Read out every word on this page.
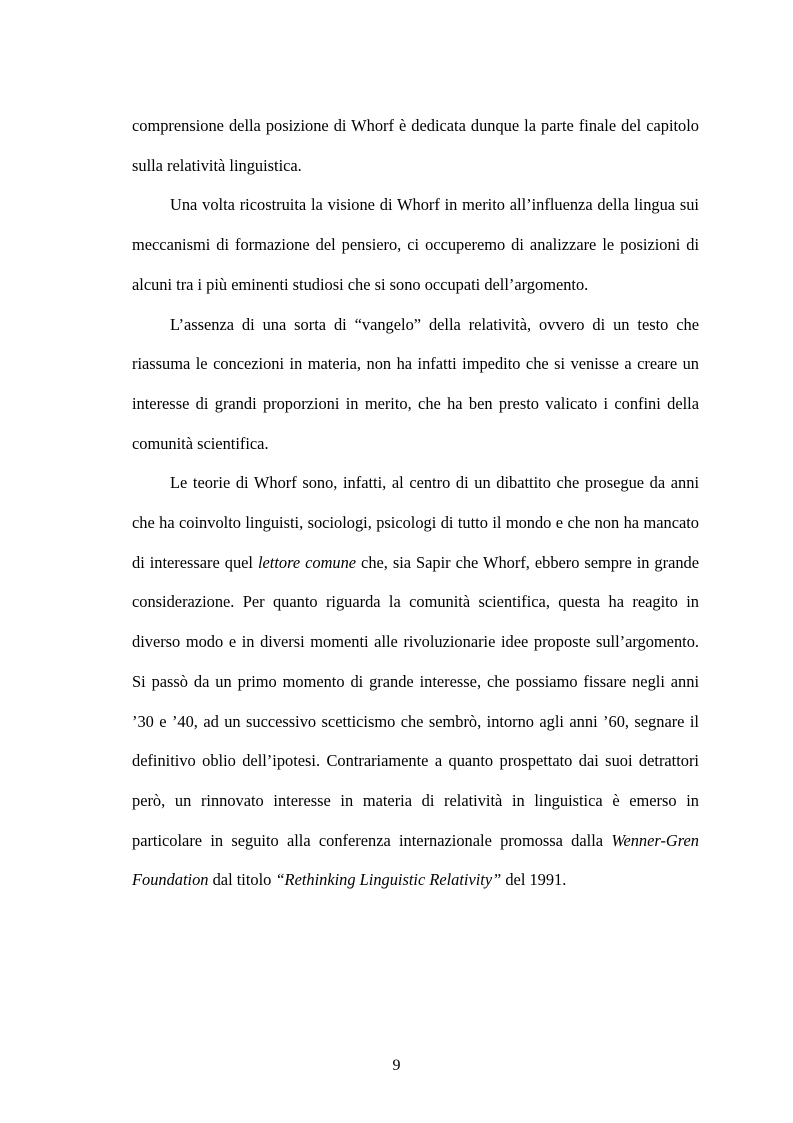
comprensione della posizione di Whorf è dedicata dunque la parte finale del capitolo sulla relatività linguistica.

Una volta ricostruita la visione di Whorf in merito all’influenza della lingua sui meccanismi di formazione del pensiero, ci occuperemo di analizzare le posizioni di alcuni tra i più eminenti studiosi che si sono occupati dell’argomento.

L’assenza di una sorta di “vangelo” della relatività, ovvero di un testo che riassuma le concezioni in materia, non ha infatti impedito che si venisse a creare un interesse di grandi proporzioni in merito, che ha ben presto valicato i confini della comunità scientifica.

Le teorie di Whorf sono, infatti, al centro di un dibattito che prosegue da anni che ha coinvolto linguisti, sociologi, psicologi di tutto il mondo e che non ha mancato di interessare quel lettore comune che, sia Sapir che Whorf, ebbero sempre in grande considerazione. Per quanto riguarda la comunità scientifica, questa ha reagito in diverso modo e in diversi momenti alle rivoluzionarie idee proposte sull’argomento. Si passò da un primo momento di grande interesse, che possiamo fissare negli anni ’30 e ’40, ad un successivo scetticismo che sembrò, intorno agli anni ’60, segnare il definitivo oblio dell’ipotesi. Contrariamente a quanto prospettato dai suoi detrattori però, un rinnovato interesse in materia di relatività in linguistica è emerso in particolare in seguito alla conferenza internazionale promossa dalla Wenner-Gren Foundation dal titolo “Rethinking Linguistic Relativity” del 1991.

9
